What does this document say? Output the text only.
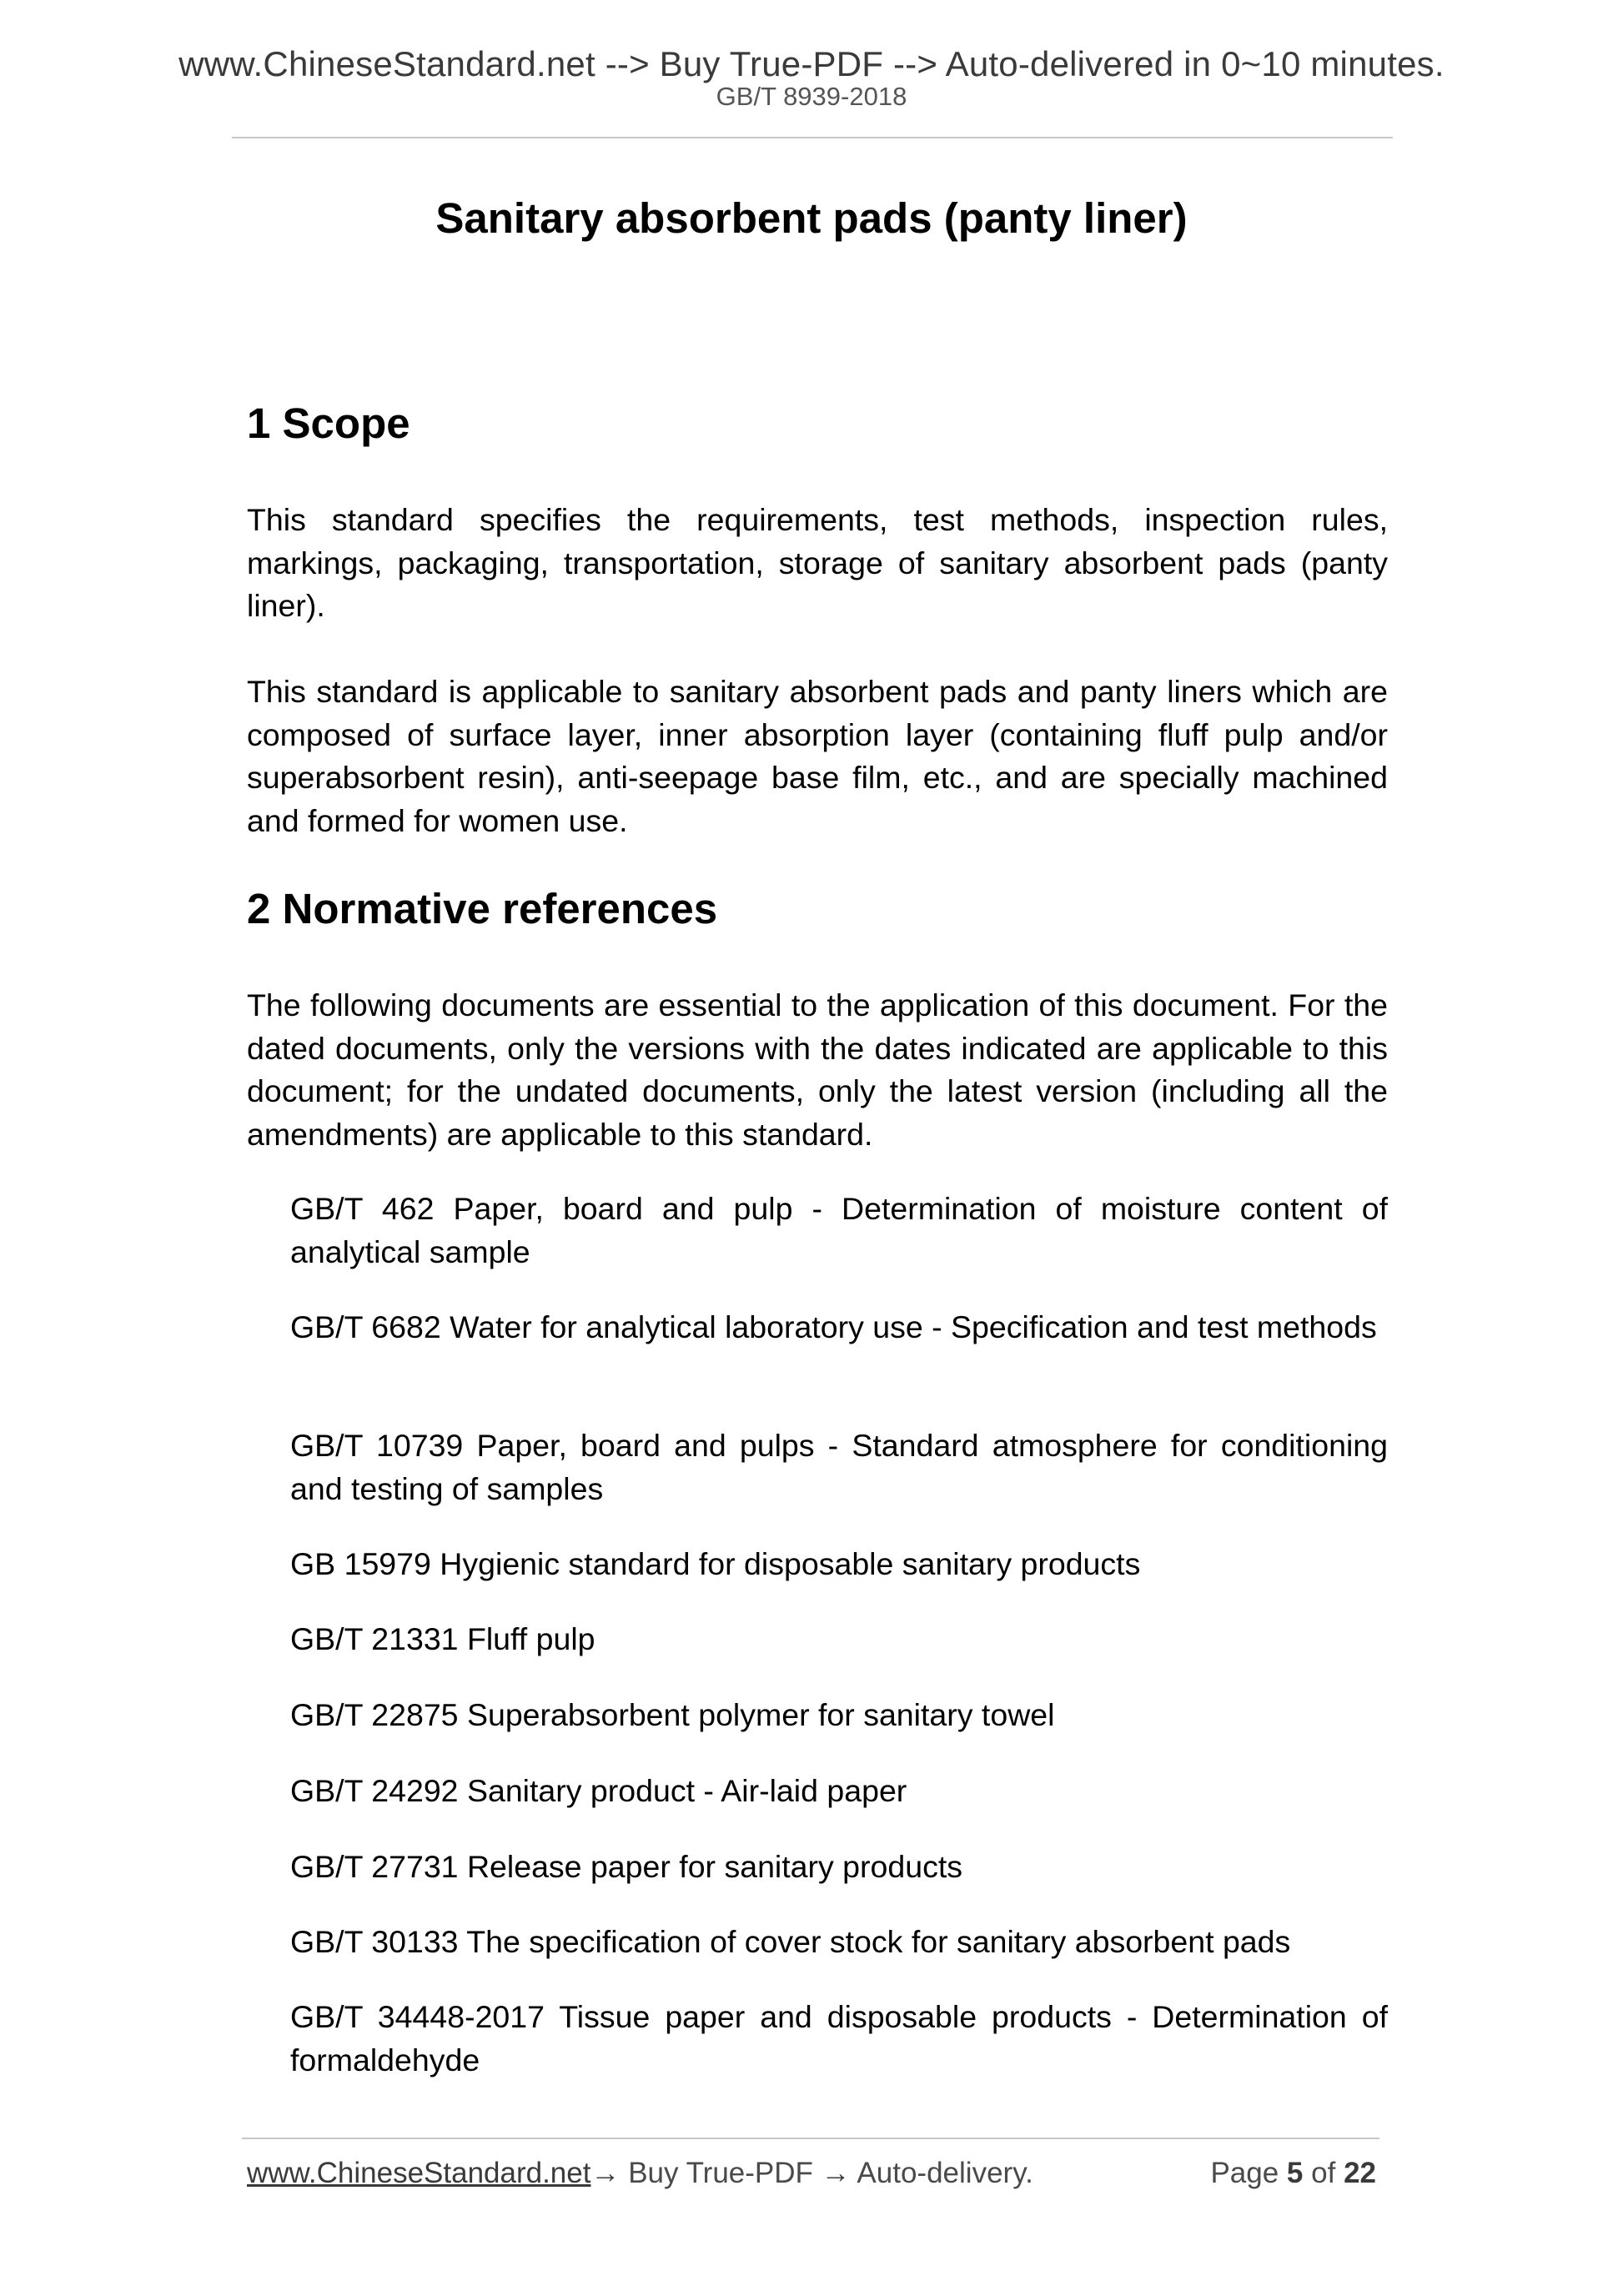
www.ChineseStandard.net --> Buy True-PDF --> Auto-delivered in 0~10 minutes.
GB/T 8939-2018
Sanitary absorbent pads (panty liner)
1 Scope

This standard specifies the requirements, test methods, inspection rules, markings, packaging, transportation, storage of sanitary absorbent pads (panty liner).

This standard is applicable to sanitary absorbent pads and panty liners which are composed of surface layer, inner absorption layer (containing fluff pulp and/or superabsorbent resin), anti-seepage base film, etc., and are specially machined and formed for women use.

2 Normative references

The following documents are essential to the application of this document. For the dated documents, only the versions with the dates indicated are applicable to this document; for the undated documents, only the latest version (including all the amendments) are applicable to this standard.

GB/T 462 Paper, board and pulp - Determination of moisture content of analytical sample

GB/T 6682 Water for analytical laboratory use - Specification and test methods

GB/T 10739 Paper, board and pulps - Standard atmosphere for conditioning and testing of samples

GB 15979 Hygienic standard for disposable sanitary products

GB/T 21331 Fluff pulp

GB/T 22875 Superabsorbent polymer for sanitary towel

GB/T 24292 Sanitary product - Air-laid paper

GB/T 27731 Release paper for sanitary products

GB/T 30133 The specification of cover stock for sanitary absorbent pads

GB/T 34448-2017 Tissue paper and disposable products - Determination of formaldehyde

www.ChineseStandard.net→ Buy True-PDF → Auto-delivery.	Page 5 of 22
